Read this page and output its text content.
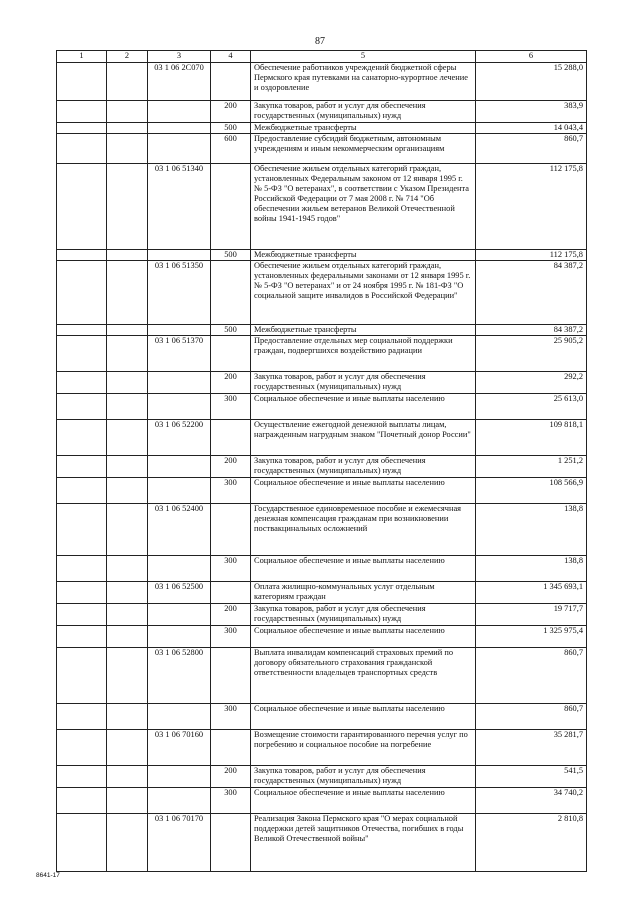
87
1	2	3	4	5	6
		03 1 06 2С070		Обеспечение работников учреждений бюджетной сферы Пермского края путевками на санаторно-курортное лечение и оздоровление	15 288,0
			200	Закупка товаров, работ и услуг для обеспечения государственных (муниципальных) нужд	383,9
			500	Межбюджетные трансферты	14 043,4
			600	Предоставление субсидий бюджетным, автономным учреждениям и иным некоммерческим организациям	860,7
		03 1 06 51340		Обеспечение жильем отдельных категорий граждан, установленных Федеральным законом от 12 января 1995 г. № 5-ФЗ "О ветеранах", в соответствии с Указом Президента Российской Федерации от 7 мая 2008 г. № 714 "Об обеспечении жильем ветеранов Великой Отечественной войны 1941-1945 годов"	112 175,8
			500	Межбюджетные трансферты	112 175,8
		03 1 06 51350		Обеспечение жильем отдельных категорий граждан, установленных федеральными законами от 12 января 1995 г. № 5-ФЗ "О ветеранах" и от 24 ноября 1995 г. № 181-ФЗ "О социальной защите инвалидов в Российской Федерации"	84 387,2
			500	Межбюджетные трансферты	84 387,2
		03 1 06 51370		Предоставление отдельных мер социальной поддержки граждан, подвергшихся воздействию радиации	25 905,2
			200	Закупка товаров, работ и услуг для обеспечения государственных (муниципальных) нужд	292,2
			300	Социальное обеспечение и иные выплаты населению	25 613,0
		03 1 06 52200		Осуществление ежегодной денежной выплаты лицам, награжденным нагрудным знаком "Почетный донор России"	109 818,1
			200	Закупка товаров, работ и услуг для обеспечения государственных (муниципальных) нужд	1 251,2
			300	Социальное обеспечение и иные выплаты населению	108 566,9
		03 1 06 52400		Государственное единовременное пособие и ежемесячная денежная компенсация гражданам при возникновении поствакцинальных осложнений	138,8
			300	Социальное обеспечение и иные выплаты населению	138,8
		03 1 06 52500		Оплата жилищно-коммунальных услуг отдельным категориям граждан	1 345 693,1
			200	Закупка товаров, работ и услуг для обеспечения государственных (муниципальных) нужд	19 717,7
			300	Социальное обеспечение и иные выплаты населению	1 325 975,4
		03 1 06 52800		Выплата инвалидам компенсаций страховых премий по договору обязательного страхования гражданской ответственности владельцев транспортных средств	860,7
			300	Социальное обеспечение и иные выплаты населению	860,7
		03 1 06 70160		Возмещение стоимости гарантированного перечня услуг по погребению и социальное пособие на погребение	35 281,7
			200	Закупка товаров, работ и услуг для обеспечения государственных (муниципальных) нужд	541,5
			300	Социальное обеспечение и иные выплаты населению	34 740,2
		03 1 06 70170		Реализация Закона Пермского края "О мерах социальной поддержки детей защитников Отечества, погибших в годы Великой Отечественной войны"	2 810,8
8641-17
